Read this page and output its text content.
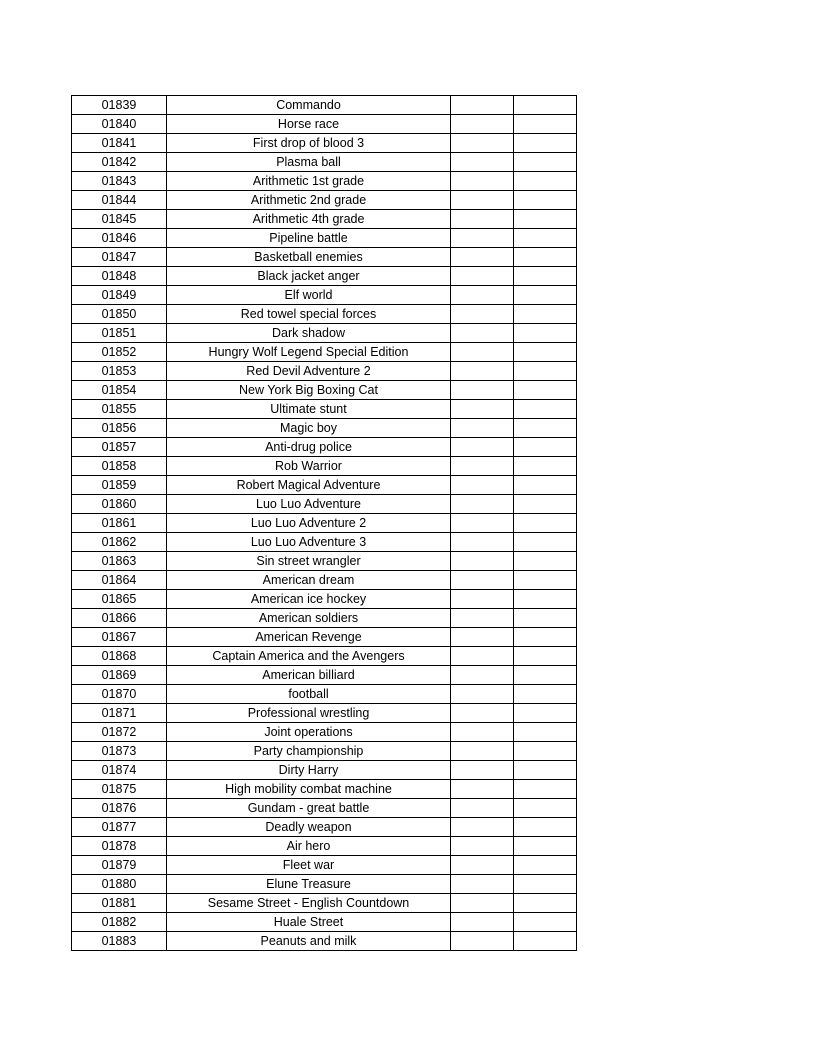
01839	Commando		
01840	Horse race		
01841	First drop of blood 3		
01842	Plasma ball		
01843	Arithmetic 1st grade		
01844	Arithmetic 2nd grade		
01845	Arithmetic 4th grade		
01846	Pipeline battle		
01847	Basketball enemies		
01848	Black jacket anger		
01849	Elf world		
01850	Red towel special forces		
01851	Dark shadow		
01852	Hungry Wolf Legend Special Edition		
01853	Red Devil Adventure 2		
01854	New York Big Boxing Cat		
01855	Ultimate stunt		
01856	Magic boy		
01857	Anti-drug police		
01858	Rob Warrior		
01859	Robert Magical Adventure		
01860	Luo Luo Adventure		
01861	Luo Luo Adventure 2		
01862	Luo Luo Adventure 3		
01863	Sin street wrangler		
01864	American dream		
01865	American ice hockey		
01866	American soldiers		
01867	American Revenge		
01868	Captain America and the Avengers		
01869	American billiard		
01870	football		
01871	Professional wrestling		
01872	Joint operations		
01873	Party championship		
01874	Dirty Harry		
01875	High mobility combat machine		
01876	Gundam - great battle		
01877	Deadly weapon		
01878	Air hero		
01879	Fleet war		
01880	Elune Treasure		
01881	Sesame Street - English Countdown		
01882	Huale Street		
01883	Peanuts and milk		
